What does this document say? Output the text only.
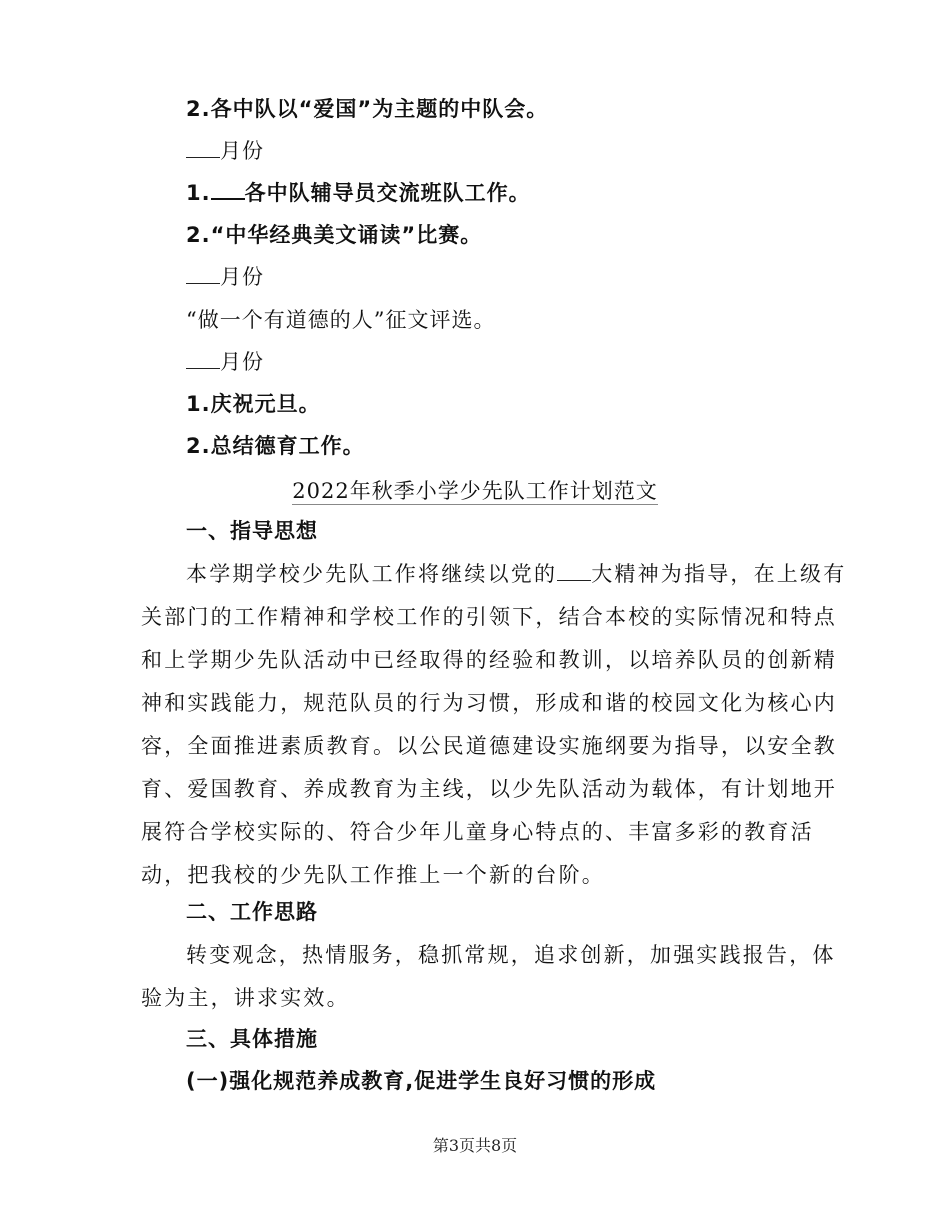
2.各中队以“爱国”为主题的中队会。
月份
1. 各中队辅导员交流班队工作。
2.“中华经典美文诵读”比赛。
月份
“做一个有道德的人”征文评选。
月份
1.庆祝元旦。
2.总结德育工作。
2022年秋季小学少先队工作计划范文
一、指导思想
本学期学校少先队工作将继续以党的 大精神为指导，在上级有
关部门的工作精神和学校工作的引领下，结合本校的实际情况和特点
和上学期少先队活动中已经取得的经验和教训，以培养队员的创新精
神和实践能力，规范队员的行为习惯，形成和谐的校园文化为核心内
容，全面推进素质教育。以公民道德建设实施纲要为指导，以安全教
育、爱国教育、养成教育为主线，以少先队活动为载体，有计划地开
展符合学校实际的、符合少年儿童身心特点的、丰富多彩的教育活
动，把我校的少先队工作推上一个新的台阶。
二、工作思路
转变观念，热情服务，稳抓常规，追求创新，加强实践报告，体
验为主，讲求实效。
三、具体措施
(一)强化规范养成教育,促进学生良好习惯的形成
第3页共8页
